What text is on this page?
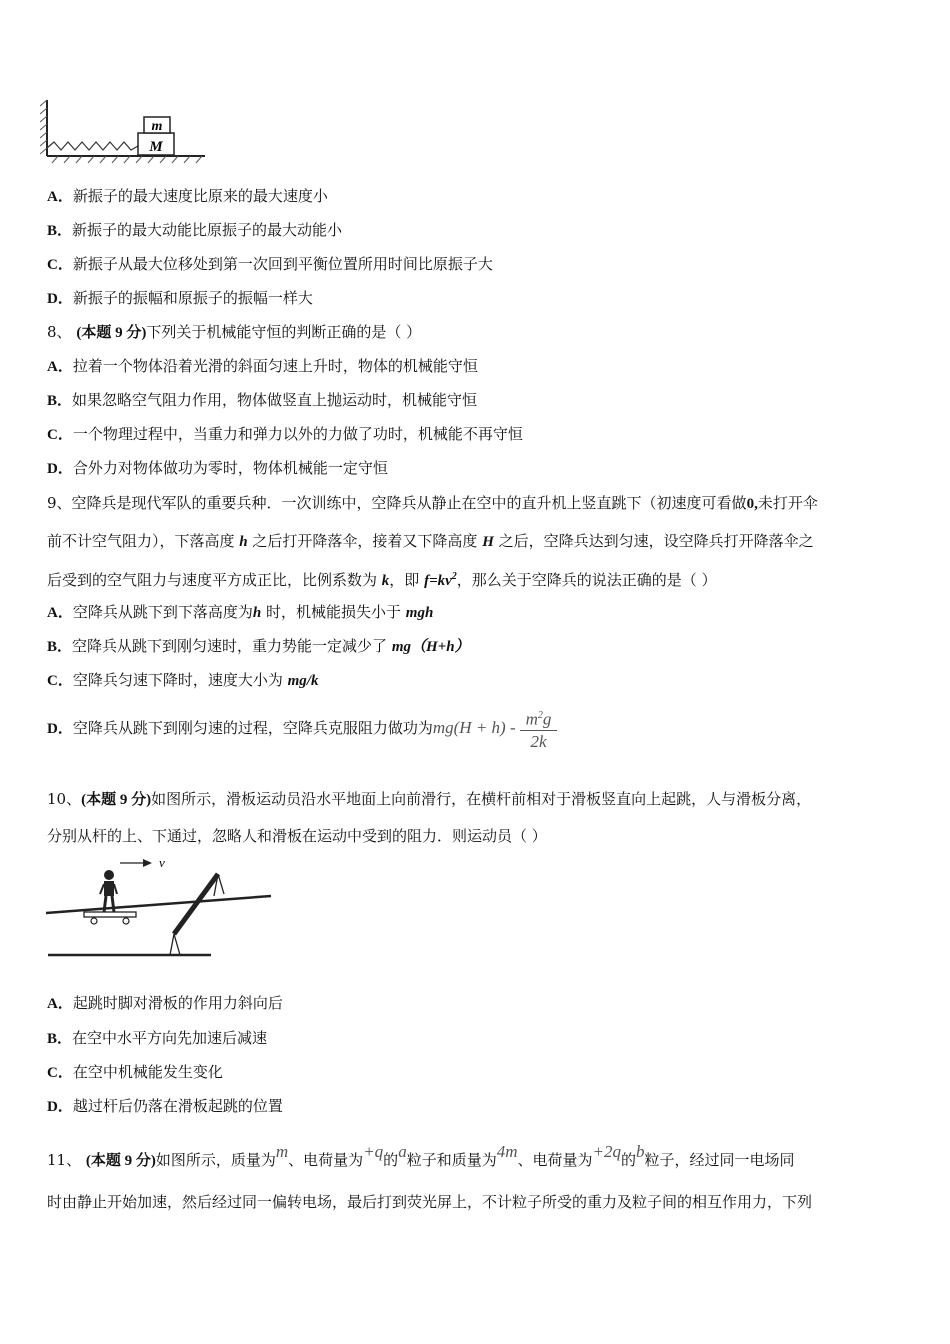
m
M
A．新振子的最大速度比原来的最大速度小
B．新振子的最大动能比原振子的最大动能小
C．新振子从最大位移处到第一次回到平衡位置所用时间比原振子大
D．新振子的振幅和原振子的振幅一样大
8、 (本题 9 分)下列关于机械能守恒的判断正确的是（ ）
A．拉着一个物体沿着光滑的斜面匀速上升时，物体的机械能守恒
B．如果忽略空气阻力作用，物体做竖直上抛运动时，机械能守恒
C．一个物理过程中，当重力和弹力以外的力做了功时，机械能不再守恒
D．合外力对物体做功为零时，物体机械能一定守恒
9、空降兵是现代军队的重要兵种．一次训练中，空降兵从静止在空中的直升机上竖直跳下（初速度可看做0,未打开伞
前不计空气阻力），下落高度 h 之后打开降落伞，接着又下降高度 H 之后，空降兵达到匀速，设空降兵打开降落伞之
后受到的空气阻力与速度平方成正比，比例系数为 k，即 $f=kv^2$，那么关于空降兵的说法正确的是（ ）
A．空降兵从跳下到下落高度为h 时，机械能损失小于 mgh
B．空降兵从跳下到刚匀速时，重力势能一定减少了 mg（H+h）
C．空降兵匀速下降时，速度大小为 mg/k
D．空降兵从跳下到刚匀速的过程，空降兵克服阻力做功为$mg(H + h) - \frac{m^2g}{2k}$
10、(本题 9 分)如图所示，滑板运动员沿水平地面上向前滑行，在横杆前相对于滑板竖直向上起跳，人与滑板分离，
分别从杆的上、下通过，忽略人和滑板在运动中受到的阻力．则运动员（ ）
v
A．起跳时脚对滑板的作用力斜向后
B．在空中水平方向先加速后减速
C．在空中机械能发生变化
D．越过杆后仍落在滑板起跳的位置
11、 (本题 9 分)如图所示，质量为m、电荷量为+q的a粒子和质量为4m、电荷量为+2q的b粒子，经过同一电场同
时由静止开始加速，然后经过同一偏转电场，最后打到荧光屏上，不计粒子所受的重力及粒子间的相互作用力，下列
